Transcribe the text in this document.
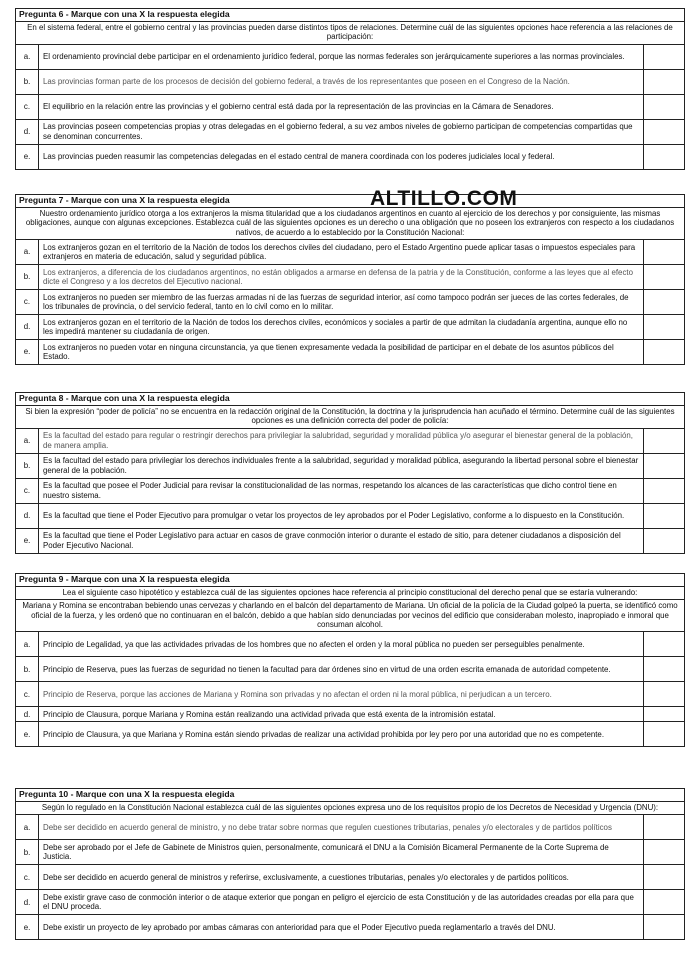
Pregunta 6 - Marque con una X la respuesta elegida		
En el sistema federal, entre el gobierno central y las provincias pueden darse distintos tipos de relaciones. Determine cuál de las siguientes opciones hace referencia a las relaciones de participación:		
a.	El ordenamiento provincial debe participar en el ordenamiento jurídico federal, porque las normas federales son jerárquicamente superiores a las normas provinciales.	
b.	Las provincias forman parte de los procesos de decisión del gobierno federal, a través de los representantes que poseen en el Congreso de la Nación.	
c.	El equilibrio en la relación entre las provincias y el gobierno central está dada por la representación de las provincias en la Cámara de Senadores.	
d.	Las provincias poseen competencias propias y otras delegadas en el gobierno federal, a su vez ambos niveles de gobierno participan de competencias compartidas que se denominan concurrentes.	
e.	Las provincias pueden reasumir las competencias delegadas en el estado central de manera coordinada con los poderes judiciales local y federal.	
Pregunta 7 - Marque con una X la respuesta elegida		
Nuestro ordenamiento jurídico otorga a los extranjeros la misma titularidad que a los ciudadanos argentinos en cuanto al ejercicio de los derechos y por consiguiente, las mismas obligaciones, aunque con algunas excepciones. Establezca cuál de las siguientes opciones es un derecho o una obligación que no poseen los extranjeros con respecto a los ciudadanos nativos, de acuerdo a lo establecido por la Constitución Nacional:		
a.	Los extranjeros gozan en el territorio de la Nación de todos los derechos civiles del ciudadano, pero el Estado Argentino puede aplicar tasas o impuestos especiales para extranjeros en materia de educación, salud y seguridad pública.	
b.	Los extranjeros, a diferencia de los ciudadanos argentinos, no están obligados a armarse en defensa de la patria y de la Constitución, conforme a las leyes que al efecto dicte el Congreso y a los decretos del Ejecutivo nacional.	
c.	Los extranjeros no pueden ser miembro de las fuerzas armadas ni de las fuerzas de seguridad interior, así como tampoco podrán ser jueces de las cortes federales, de los tribunales de provincia, o del servicio federal, tanto en lo civil como en lo militar.	
d.	Los extranjeros gozan en el territorio de la Nación de todos los derechos civiles, económicos y sociales a partir de que admitan la ciudadanía argentina, aunque ello no les impedirá mantener su ciudadanía de origen.	
e.	Los extranjeros no pueden votar en ninguna circunstancia, ya que tienen expresamente vedada la posibilidad de participar en el debate de los asuntos públicos del Estado.	
ALTILLO.COM
Pregunta 8 - Marque con una X la respuesta elegida		
Si bien la expresión “poder de policía” no se encuentra en la redacción original de la Constitución, la doctrina y la jurisprudencia han acuñado el término. Determine cuál de las siguientes opciones es una definición correcta del poder de policía:		
a.	Es la facultad del estado para regular o restringir derechos para privilegiar la salubridad, seguridad y moralidad pública y/o asegurar el bienestar general de la población, de manera amplia.	
b.	Es la facultad del estado para privilegiar los derechos individuales frente a la salubridad, seguridad y moralidad pública, asegurando la libertad personal sobre el bienestar general de la población.	
c.	Es la facultad que posee el Poder Judicial para revisar la constitucionalidad de las normas, respetando los alcances de las características que dicho control tiene en nuestro sistema.	
d.	Es la facultad que tiene el Poder Ejecutivo para promulgar o vetar los proyectos de ley aprobados por el Poder Legislativo, conforme a lo dispuesto en la Constitución.	
e.	Es la facultad que tiene el Poder Legislativo para actuar en casos de grave conmoción interior o durante el estado de sitio, para detener ciudadanos a disposición del Poder Ejecutivo Nacional.	
Pregunta 9 - Marque con una X la respuesta elegida		
Lea el siguiente caso hipotético y establezca cuál de las siguientes opciones hace referencia al principio constitucional del derecho penal que se estaría vulnerando:		
Mariana y Romina se encontraban bebiendo unas cervezas y charlando en el balcón del departamento de Mariana. Un oficial de la policía de la Ciudad golpeó la puerta, se identificó como oficial de la fuerza, y les ordenó que no continuaran en el balcón, debido a que habían sido denunciadas por vecinos del edificio que consideraban molesto, inapropiado e inmoral que consuman alcohol.		
a.	Principio de Legalidad, ya que las actividades privadas de los hombres que no afecten el orden y la moral pública no pueden ser perseguibles penalmente.	
b.	Principio de Reserva, pues las fuerzas de seguridad no tienen la facultad para dar órdenes sino en virtud de una orden escrita emanada de autoridad competente.	
c.	Principio de Reserva, porque las acciones de Mariana y Romina son privadas y no afectan el orden ni la moral pública, ni perjudican a un tercero.	
d.	Principio de Clausura, porque Mariana y Romina están realizando una actividad privada que está exenta de la intromisión estatal.	
e.	Principio de Clausura, ya que Mariana y Romina están siendo privadas de realizar una actividad prohibida por ley pero por una autoridad que no es competente.	
Pregunta 10 - Marque con una X la respuesta elegida		
Según lo regulado en la Constitución Nacional establezca cuál de las siguientes opciones expresa uno de los requisitos propio de los Decretos de Necesidad y Urgencia (DNU):		
a.	Debe ser decidido en acuerdo general de ministro, y no debe tratar sobre normas que regulen cuestiones tributarias, penales y/o electorales y de partidos políticos	
b.	Debe ser aprobado por el Jefe de Gabinete de Ministros quien, personalmente, comunicará el DNU a la Comisión Bicameral Permanente de la Corte Suprema de Justicia.	
c.	Debe ser decidido en acuerdo general de ministros y referirse, exclusivamente, a cuestiones tributarias, penales y/o electorales y de partidos políticos.	
d.	Debe existir grave caso de conmoción interior o de ataque exterior que pongan en peligro el ejercicio de esta Constitución y de las autoridades creadas por ella para que el DNU proceda.	
e.	Debe existir un proyecto de ley aprobado por ambas cámaras con anterioridad para que el Poder Ejecutivo pueda reglamentarlo a través del DNU.	
